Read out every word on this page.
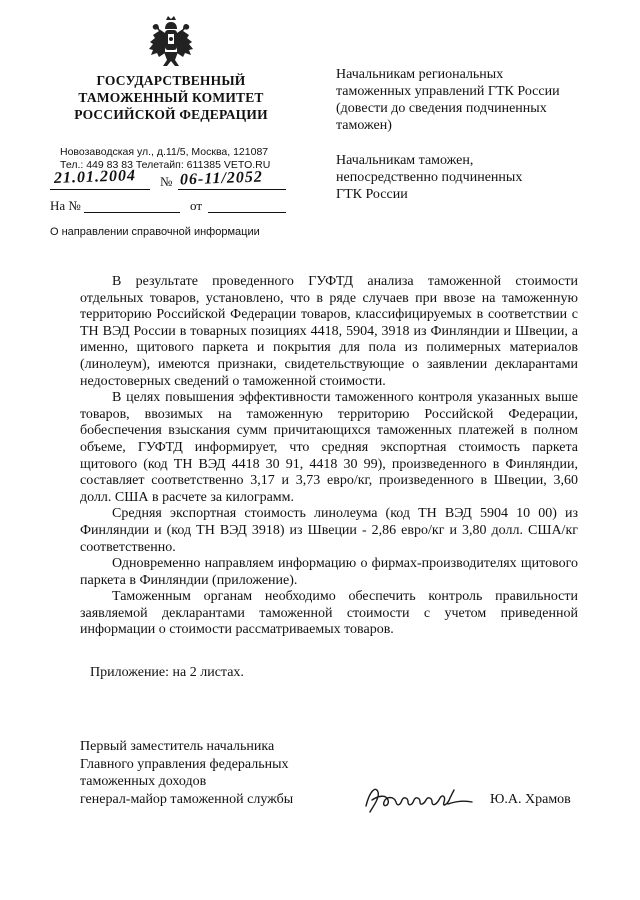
ГОСУДАРСТВЕННЫЙ
ТАМОЖЕННЫЙ КОМИТЕТ
РОССИЙСКОЙ ФЕДЕРАЦИИ
Новозаводская ул., д.11/5, Москва, 121087
Тел.: 449 83 83 Телетайп: 611385 VETO.RU
21.01.2004 № 06-11/2052
На №	от
О направлении справочной информации
Начальникам региональных
таможенных управлений ГТК России
(довести до сведения подчиненных
таможен)
Начальникам таможен,
непосредственно подчиненных
ГТК России

В результате проведенного ГУФТД анализа таможенной стоимости отдельных товаров, установлено, что в ряде случаев при ввозе на таможенную территорию Российской Федерации товаров, классифицируемых в соответствии с ТН ВЭД России в товарных позициях 4418, 5904, 3918 из Финляндии и Швеции, а именно, щитового паркета и покрытия для пола из полимерных материалов (линолеум), имеются признаки, свидетельствующие о заявлении декларантами недостоверных сведений о таможенной стоимости.

В целях повышения эффективности таможенного контроля указанных выше товаров, ввозимых на таможенную территорию Российской Федерации, бобеспечения взыскания сумм причитающихся таможенных платежей в полном объеме, ГУФТД информирует, что средняя экспортная стоимость паркета щитового (код ТН ВЭД 4418 30 91, 4418 30 99), произведенного в Финляндии, составляет соответственно 3,17 и 3,73 евро/кг, произведенного в Швеции, 3,60 долл. США в расчете за килограмм.

Средняя экспортная стоимость линолеума (код ТН ВЭД 5904 10 00) из Финляндии и (код ТН ВЭД 3918) из Швеции - 2,86 евро/кг и 3,80 долл. США/кг соответственно.

Одновременно направляем информацию о фирмах-производителях щитового паркета в Финляндии (приложение).

Таможенным органам необходимо обеспечить контроль правильности заявляемой декларантами таможенной стоимости с учетом приведенной информации о стоимости рассматриваемых товаров.

Приложение: на 2 листах.

Первый заместитель начальника
Главного управления федеральных
таможенных доходов
генерал-майор таможенной службы	Ю.А. Храмов
